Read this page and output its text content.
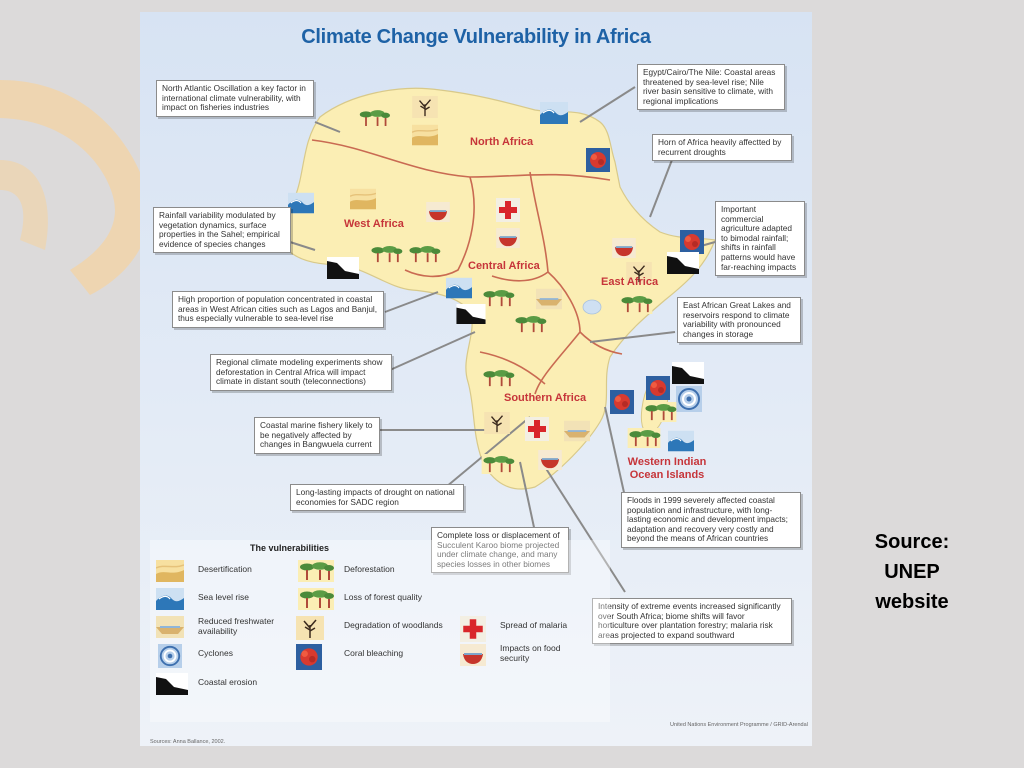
Climate Change Vulnerability in Africa
North Africa
West Africa
Central Africa
East Africa
Southern Africa
Western Indian
Ocean Islands
North Atlantic Oscillation a key factor in international climate vulnerability, with impact on fisheries industries
Egypt/Cairo/The Nile: Coastal areas threatened by sea-level rise; Nile river basin sensitive to climate, with regional implications
Horn of Africa heavily affectted by recurrent droughts
Rainfall variability modulated by vegetation dynamics, surface properties in the Sahel; empirical evidence of species changes
Important commercial agriculture adapted to bimodal rainfall; shifts in rainfall patterns would have far-reaching impacts
High proportion of population concentrated in coastal areas in West African cities such as Lagos and Banjul, thus especially vulnerable to sea-level rise
East African Great Lakes and reservoirs respond to climate variability with pronounced changes in storage
Regional climate modeling experiments show deforestation in Central Africa will impact climate in distant south (teleconnections)
Coastal marine fishery likely to be negatively affected by changes in Bangwuela current
Floods in 1999 severely affected coastal population and infrastructure, with long-lasting economic and development impacts; adaptation and recovery very costly and beyond the means of African countries
Long-lasting impacts of drought on national economies for SADC region
Complete loss or displacement of Succulent Karoo biome projected under climate change, and many species losses in other biomes
Intensity of extreme events increased significantly over South Africa; biome shifts will favor horticulture over plantation forestry; malaria risk areas projected to expand southward
The vulnerabilities
Desertification
Sea level rise
Reduced freshwater availability
Cyclones
Coastal erosion
Deforestation
Loss of forest quality
Degradation of woodlands
Coral bleaching
Spread of malaria
Impacts on food security
United Nations Environment Programme / GRID-Arendal
Sources: Anna Ballance, 2002.
Source:
UNEP
website
